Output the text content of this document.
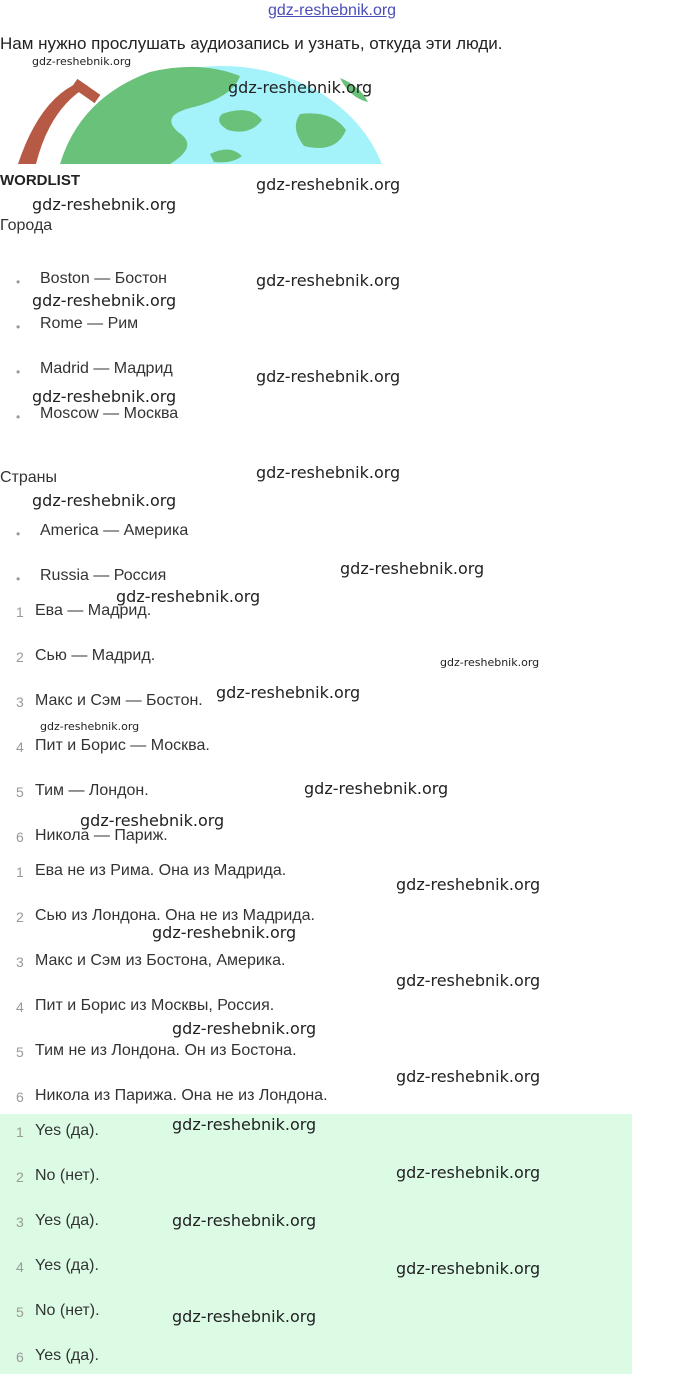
gdz-reshebnik.org
Нам нужно прослушать аудиозапись и узнать, откуда эти люди.
WORDLIST
Города
• Boston — Бостон
• Rome — Рим
• Madrid — Мадрид
• Moscow — Москва
Страны
• America — Америка
• Russia — Россия
1 Ева — Мадрид.
2 Сью — Мадрид.
3 Макс и Сэм — Бостон.
4 Пит и Борис — Москва.
5 Тим — Лондон.
6 Никола — Париж.
1 Ева не из Рима. Она из Мадрида.
2 Сью из Лондона. Она не из Мадрида.
3 Макс и Сэм из Бостона, Америка.
4 Пит и Борис из Москвы, Россия.
5 Тим не из Лондона. Он из Бостона.
6 Никола из Парижа. Она не из Лондона.
1 Yes (да).
2 No (нет).
3 Yes (да).
4 Yes (да).
5 No (нет).
6 Yes (да).
gdz-reshebnik.org
gdz-reshebnik.org
gdz-reshebnik.org
gdz-reshebnik.org
gdz-reshebnik.org
gdz-reshebnik.org
gdz-reshebnik.org
gdz-reshebnik.org
gdz-reshebnik.org
gdz-reshebnik.org
gdz-reshebnik.org
gdz-reshebnik.org
gdz-reshebnik.org
gdz-reshebnik.org
gdz-reshebnik.org
gdz-reshebnik.org
gdz-reshebnik.org
gdz-reshebnik.org
gdz-reshebnik.org
gdz-reshebnik.org
gdz-reshebnik.org
gdz-reshebnik.org
gdz-reshebnik.org
gdz-reshebnik.org
gdz-reshebnik.org
gdz-reshebnik.org
gdz-reshebnik.org
